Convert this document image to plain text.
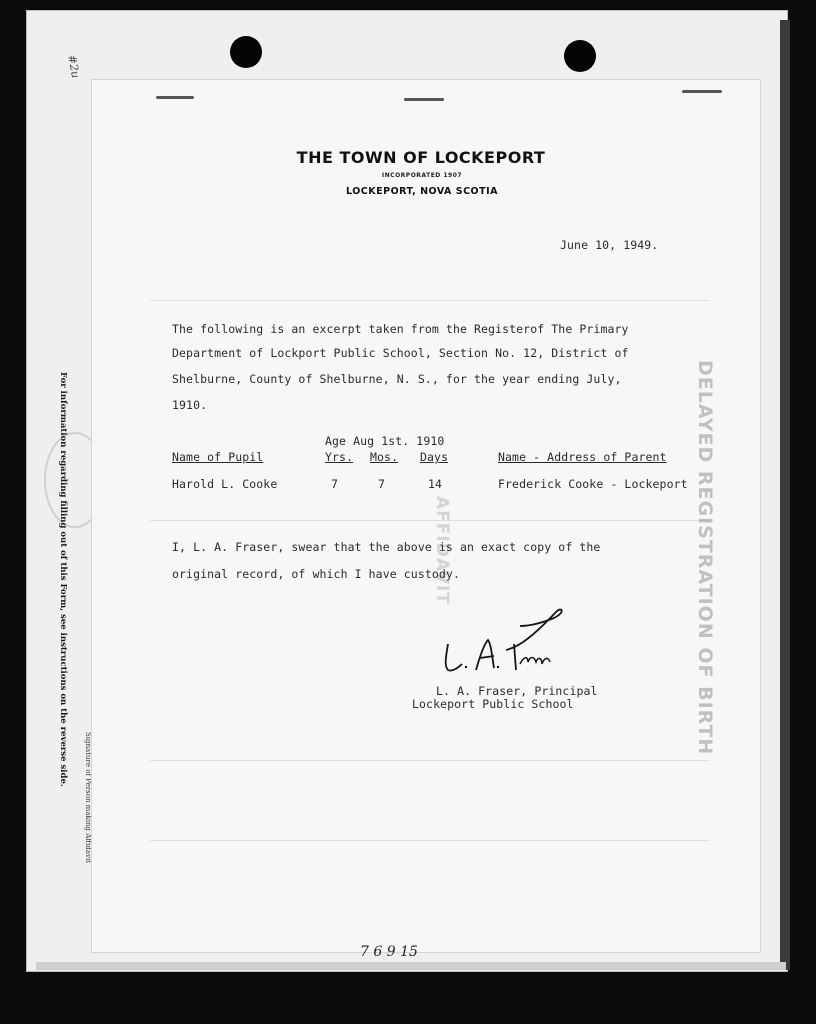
#2u
For information regarding filling out of this Form, see instructions on the reverse side.
Signature of Person making Affidavit
DELAYED REGISTRATION OF BIRTH
AFFIDAVIT
THE TOWN OF LOCKEPORT
INCORPORATED 1907
LOCKEPORT, NOVA SCOTIA
June 10, 1949.
The following is an excerpt taken from the Registerof The Primary
Department of Lockport Public School, Section No. 12, District of
Shelburne, County of Shelburne, N. S., for the year ending July,
1910.
Age Aug 1st. 1910
Name of Pupil	Yrs. Mos. Days	Name - Address of Parent
Harold L. Cooke	7	7	14	Frederick Cooke - Lockeport
I, L. A. Fraser, swear that the above is an exact copy of the
original record, of which I have custody.
L. A. Fraser, Principal
Lockeport Public School
7 6 9 15
